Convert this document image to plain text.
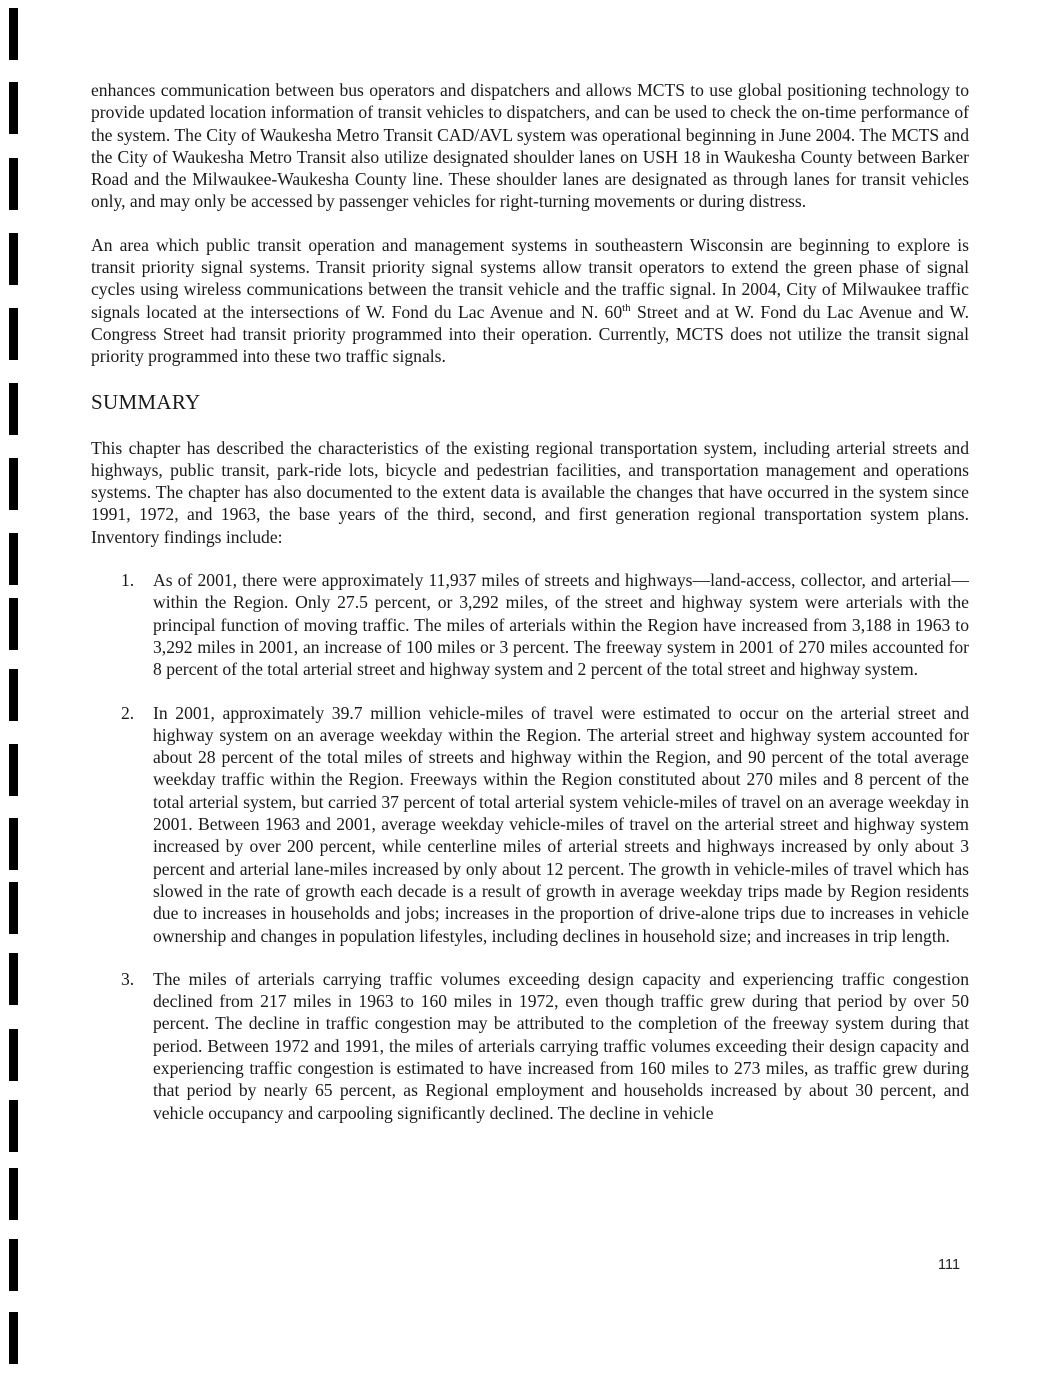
enhances communication between bus operators and dispatchers and allows MCTS to use global positioning technology to provide updated location information of transit vehicles to dispatchers, and can be used to check the on-time performance of the system. The City of Waukesha Metro Transit CAD/AVL system was operational beginning in June 2004. The MCTS and the City of Waukesha Metro Transit also utilize designated shoulder lanes on USH 18 in Waukesha County between Barker Road and the Milwaukee-Waukesha County line. These shoulder lanes are designated as through lanes for transit vehicles only, and may only be accessed by passenger vehicles for right-turning movements or during distress.

An area which public transit operation and management systems in southeastern Wisconsin are beginning to explore is transit priority signal systems. Transit priority signal systems allow transit operators to extend the green phase of signal cycles using wireless communications between the transit vehicle and the traffic signal. In 2004, City of Milwaukee traffic signals located at the intersections of W. Fond du Lac Avenue and N. 60th Street and at W. Fond du Lac Avenue and W. Congress Street had transit priority programmed into their operation. Currently, MCTS does not utilize the transit signal priority programmed into these two traffic signals.

SUMMARY

This chapter has described the characteristics of the existing regional transportation system, including arterial streets and highways, public transit, park-ride lots, bicycle and pedestrian facilities, and transportation management and operations systems. The chapter has also documented to the extent data is available the changes that have occurred in the system since 1991, 1972, and 1963, the base years of the third, second, and first generation regional transportation system plans. Inventory findings include:

1. As of 2001, there were approximately 11,937 miles of streets and highways—land-access, collector, and arterial—within the Region. Only 27.5 percent, or 3,292 miles, of the street and highway system were arterials with the principal function of moving traffic. The miles of arterials within the Region have increased from 3,188 in 1963 to 3,292 miles in 2001, an increase of 100 miles or 3 percent. The freeway system in 2001 of 270 miles accounted for 8 percent of the total arterial street and highway system and 2 percent of the total street and highway system.
2. In 2001, approximately 39.7 million vehicle-miles of travel were estimated to occur on the arterial street and highway system on an average weekday within the Region. The arterial street and highway system accounted for about 28 percent of the total miles of streets and highway within the Region, and 90 percent of the total average weekday traffic within the Region. Freeways within the Region constituted about 270 miles and 8 percent of the total arterial system, but carried 37 percent of total arterial system vehicle-miles of travel on an average weekday in 2001. Between 1963 and 2001, average weekday vehicle-miles of travel on the arterial street and highway system increased by over 200 percent, while centerline miles of arterial streets and highways increased by only about 3 percent and arterial lane-miles increased by only about 12 percent. The growth in vehicle-miles of travel which has slowed in the rate of growth each decade is a result of growth in average weekday trips made by Region residents due to increases in households and jobs; increases in the proportion of drive-alone trips due to increases in vehicle ownership and changes in population lifestyles, including declines in household size; and increases in trip length.
3. The miles of arterials carrying traffic volumes exceeding design capacity and experiencing traffic congestion declined from 217 miles in 1963 to 160 miles in 1972, even though traffic grew during that period by over 50 percent. The decline in traffic congestion may be attributed to the completion of the freeway system during that period. Between 1972 and 1991, the miles of arterials carrying traffic volumes exceeding their design capacity and experiencing traffic congestion is estimated to have increased from 160 miles to 273 miles, as traffic grew during that period by nearly 65 percent, as Regional employment and households increased by about 30 percent, and vehicle occupancy and carpooling significantly declined. The decline in vehicle
111
